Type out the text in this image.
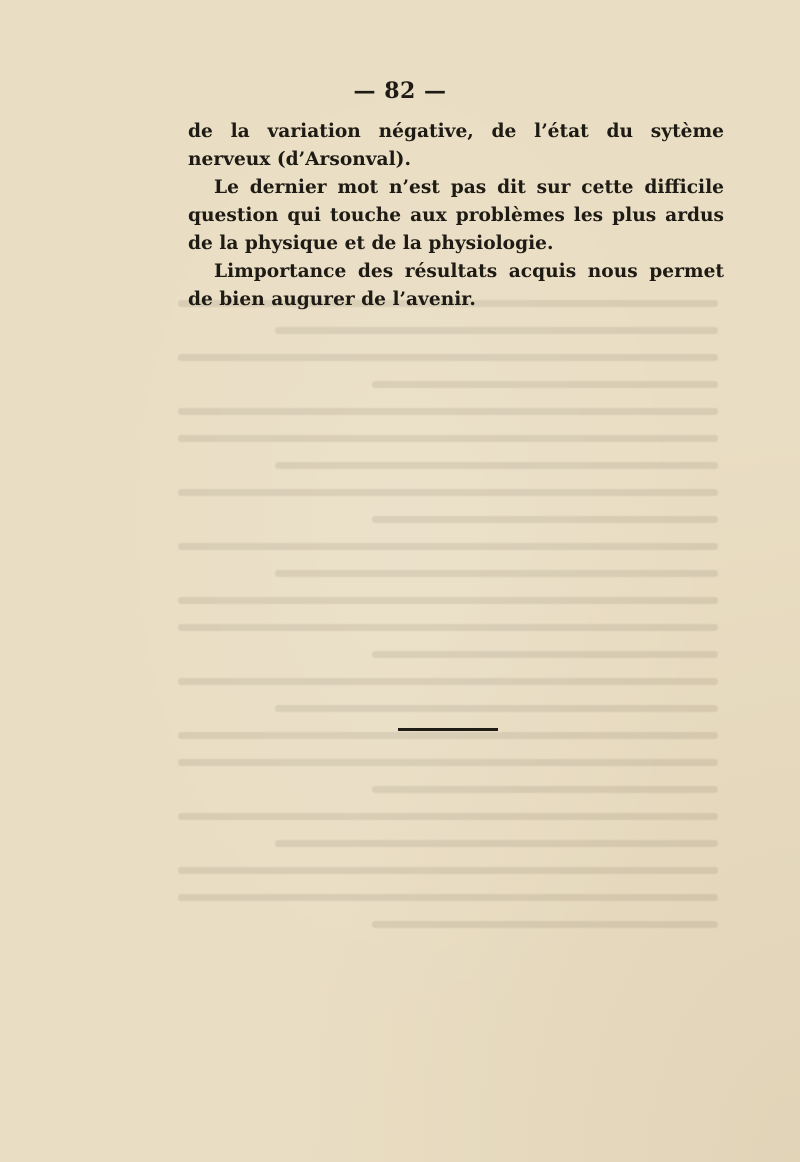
— 82 —

de la variation négative, de l’état du sytème nerveux (d’Arsonval).

Le dernier mot n’est pas dit sur cette difficile question qui touche aux problèmes les plus ardus de la physique et de la physiologie.

Limportance des résultats acquis nous permet de bien augurer de l’avenir.
